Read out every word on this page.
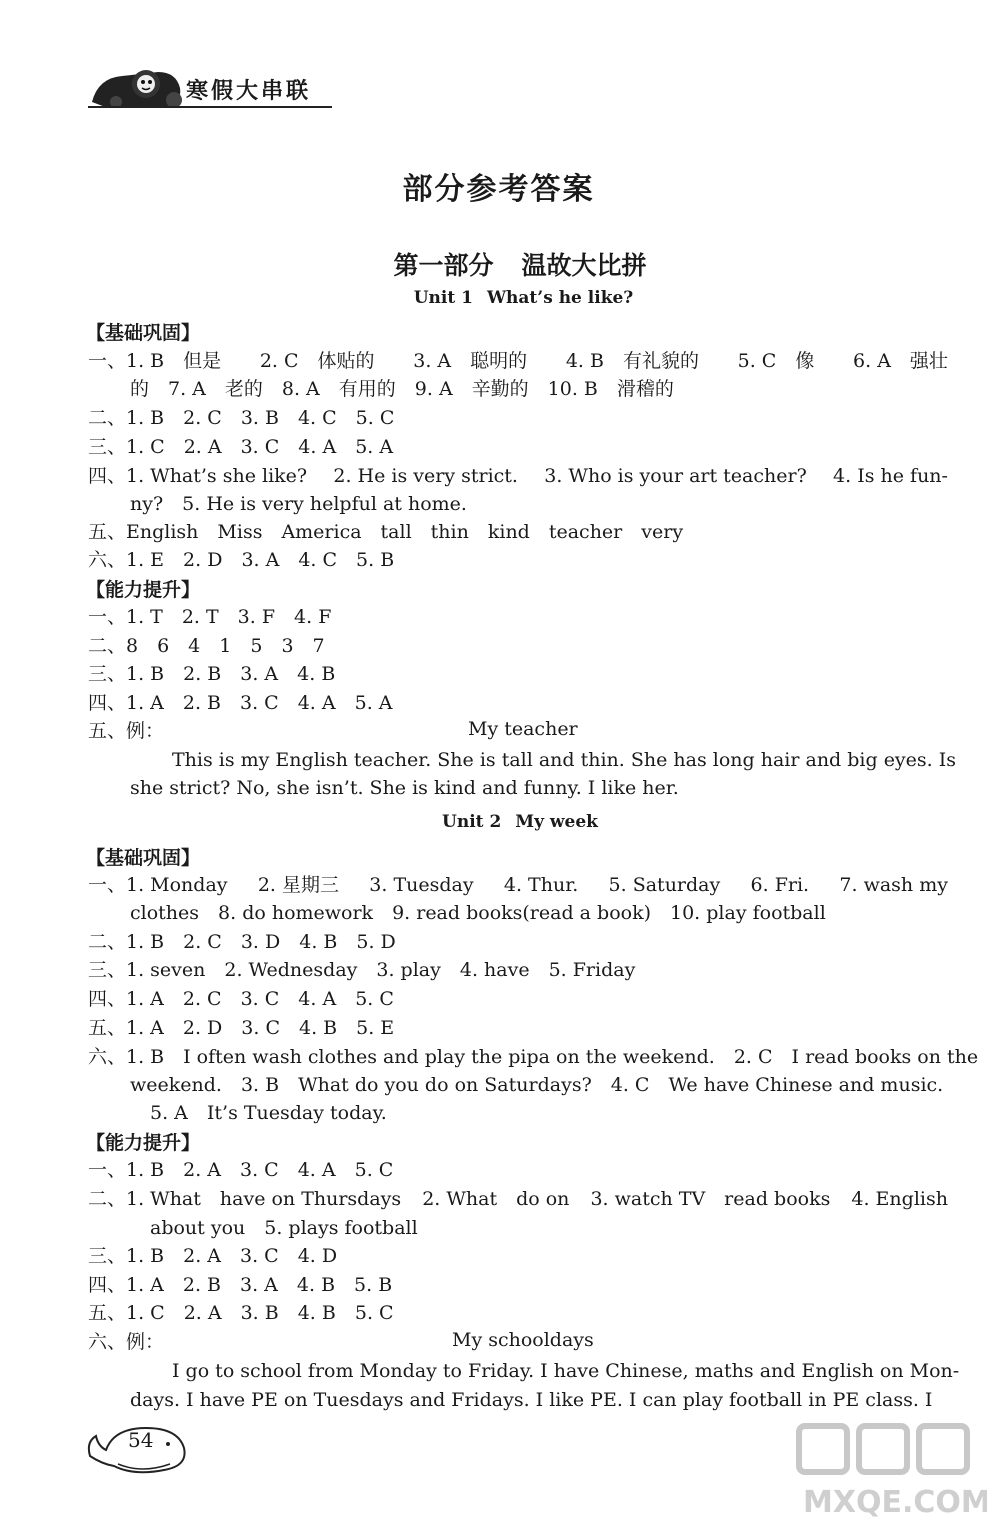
寒假大串联
部分参考答案
第一部分 温故大比拼
Unit 1 What’s he like?
【基础巩固】
一、1. B　但是 2. C　体贴的 3. A　聪明的 4. B　有礼貌的 5. C　像 6. A　强壮
的　7. A　老的　8. A　有用的　9. A　辛勤的　10. B　滑稽的
二、1. B　2. C　3. B　4. C　5. C
三、1. C　2. A　3. C　4. A　5. A
四、1. What’s she like? 2. He is very strict. 3. Who is your art teacher? 4. Is he fun-
ny?　5. He is very helpful at home.
五、English　Miss　America　tall　thin　kind　teacher　very
六、1. E　2. D　3. A　4. C　5. B
【能力提升】
一、1. T　2. T　3. F　4. F
二、8　6　4　1　5　3　7
三、1. B　2. B　3. A　4. B
四、1. A　2. B　3. C　4. A　5. A
五、例：	My teacher
This is my English teacher. She is tall and thin. She has long hair and big eyes. Is
she strict? No, she isn’t. She is kind and funny. I like her.
Unit 2 My week
【基础巩固】
一、1. Monday 2. 星期三 3. Tuesday 4. Thur. 5. Saturday 6. Fri. 7. wash my
clothes　8. do homework　9. read books(read a book)　10. play football
二、1. B　2. C　3. D　4. B　5. D
三、1. seven　2. Wednesday　3. play　4. have　5. Friday
四、1. A　2. C　3. C　4. A　5. C
五、1. A　2. D　3. C　4. B　5. E
六、1. B　I often wash clothes and play the pipa on the weekend.　2. C　I read books on the
weekend.　3. B　What do you do on Saturdays?　4. C　We have Chinese and music.
5. A　It’s Tuesday today.
【能力提升】
一、1. B　2. A　3. C　4. A　5. C
二、1. What　have on Thursdays 2. What　do on 3. watch TV　read books 4. English
about you　5. plays football
三、1. B　2. A　3. C　4. D
四、1. A　2. B　3. A　4. B　5. B
五、1. C　2. A　3. B　4. B　5. C
六、例：	My schooldays
I go to school from Monday to Friday. I have Chinese, maths and English on Mon-
days. I have PE on Tuesdays and Fridays. I like PE. I can play football in PE class. I
54
MXQE.COM
